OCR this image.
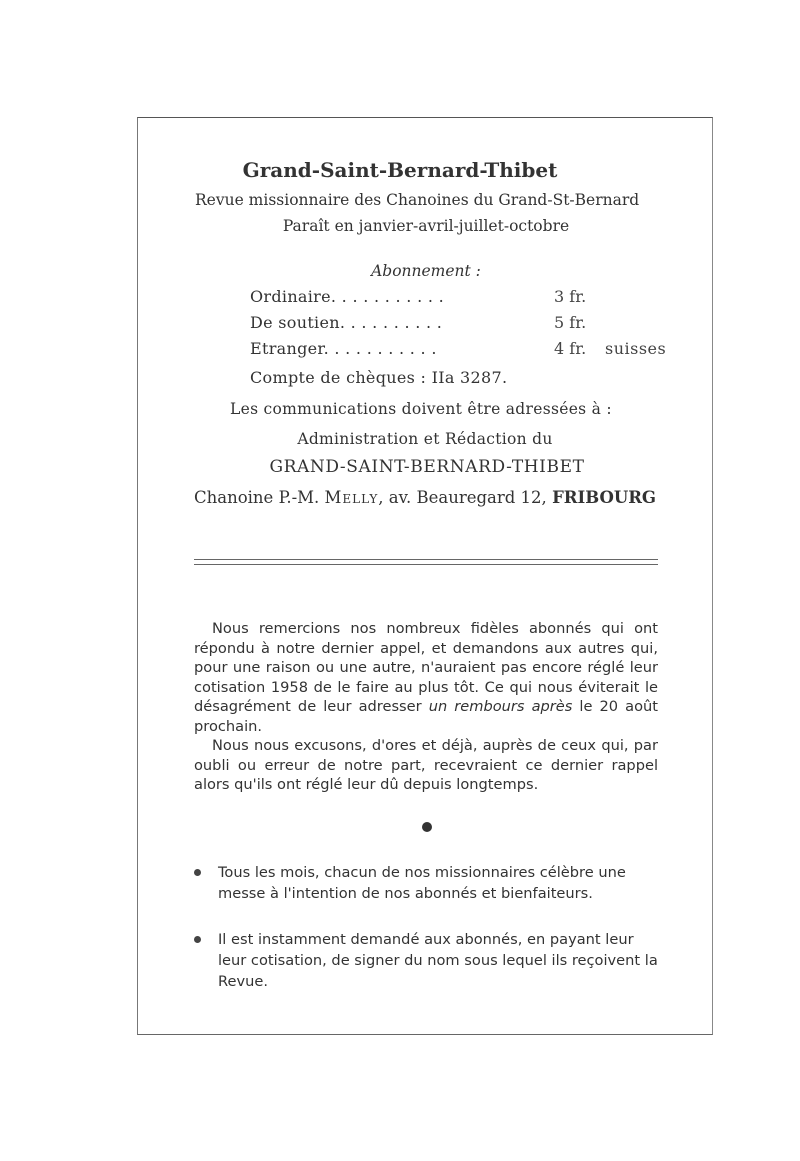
Grand-Saint-Bernard-Thibet
Revue missionnaire des Chanoines du Grand-St-Bernard
Paraît en janvier-avril-juillet-octobre
Abonnement :
Ordinaire. . . . . . . . . . .	3 fr.
De soutien. . . . . . . . . .	5 fr.
Etranger. . . . . . . . . . .	4 fr. suisses
Compte de chèques : IIa 3287.
Les communications doivent être adressées à :
Administration et Rédaction du
GRAND-SAINT-BERNARD-THIBET
Chanoine P.-M. Melly, av. Beauregard 12, FRIBOURG

Nous remercions nos nombreux fidèles abonnés qui ont répondu à notre dernier appel, et demandons aux autres qui, pour une raison ou une autre, n'auraient pas encore réglé leur cotisation 1958 de le faire au plus tôt. Ce qui nous éviterait le désagrément de leur adresser un rembours après le 20 août prochain.

Nous nous excusons, d'ores et déjà, auprès de ceux qui, par oubli ou erreur de notre part, recevraient ce dernier rappel alors qu'ils ont réglé leur dû depuis longtemps.

Tous les mois, chacun de nos missionnaires célèbre une messe à l'intention de nos abonnés et bienfaiteurs.
Il est instamment demandé aux abonnés, en payant leur leur cotisation, de signer du nom sous lequel ils reçoivent la Revue.
